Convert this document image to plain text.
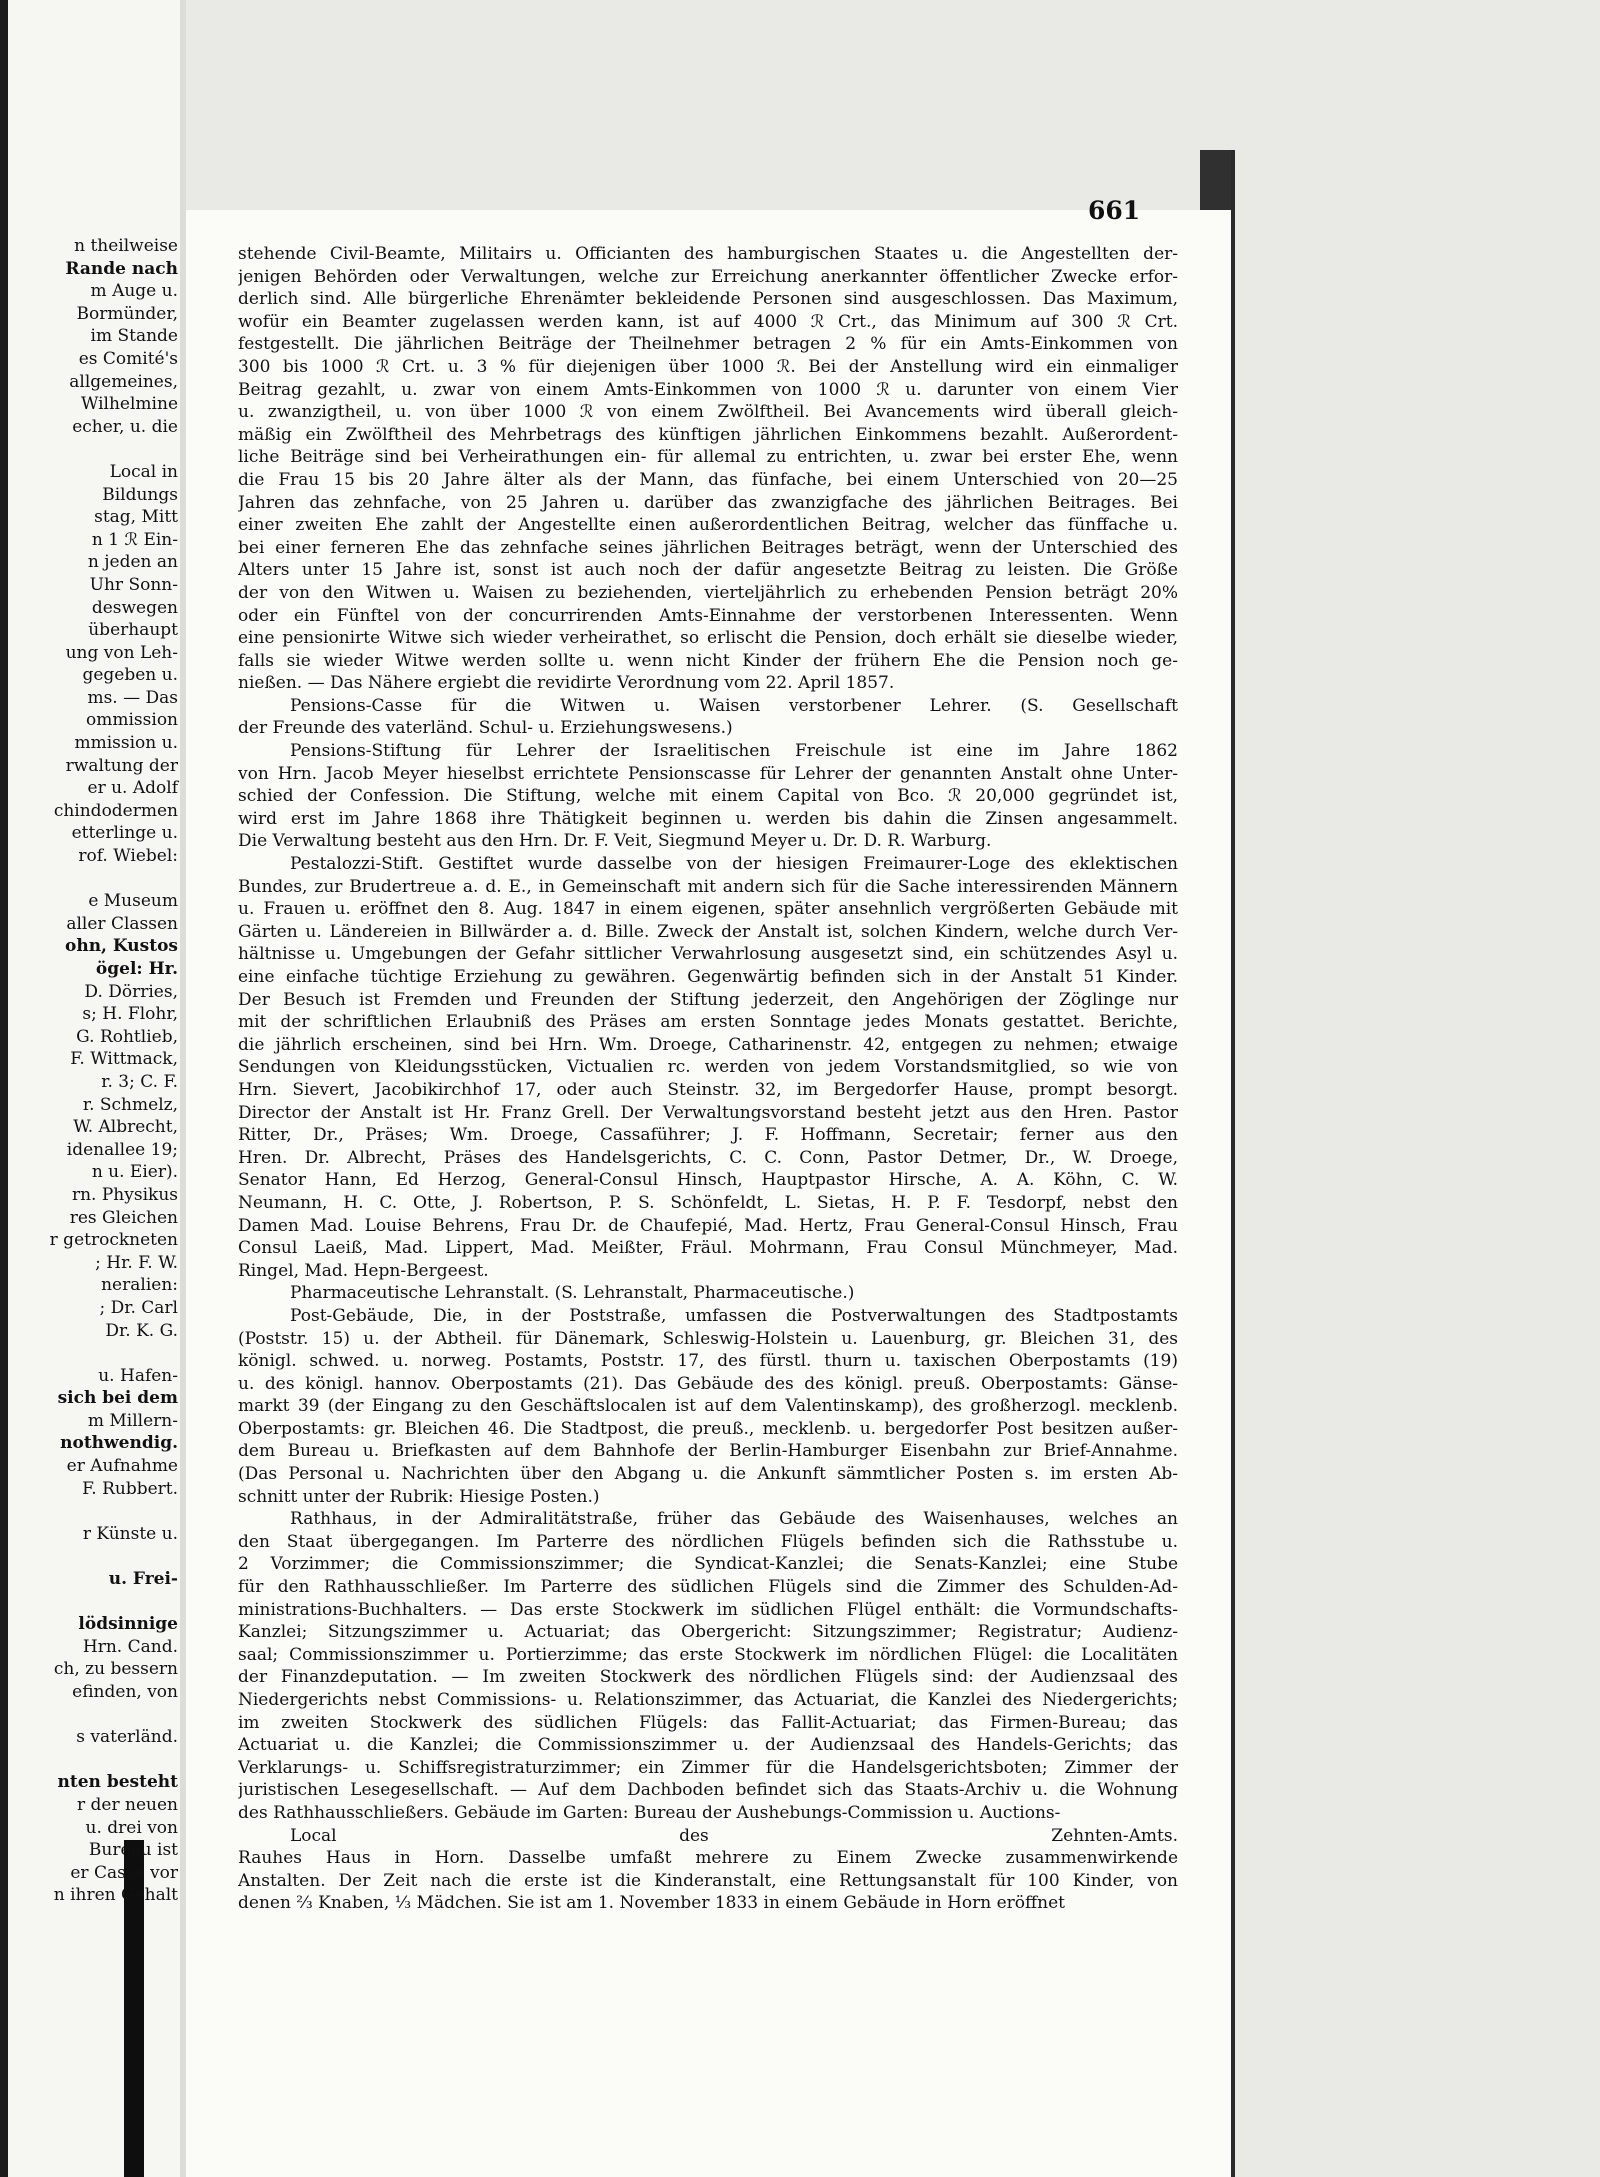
n theilweise
Rande nach
m Auge u.
Bormünder,
im Stande
es Comité's
allgemeines,
Wilhelmine
echer, u. die
Local in
Bildungs
stag, Mitt
n 1 ℛ Ein-
n jeden an
Uhr Sonn-
deswegen
überhaupt
ung von Leh-
gegeben u.
ms. — Das
ommission
mmission u.
rwaltung der
er u. Adolf
chindodermen
etterlinge u.
rof. Wiebel:
e Museum
aller Classen
ohn, Kustos
ögel: Hr.
D. Dörries,
s; H. Flohr,
G. Rohtlieb,
F. Wittmack,
r. 3; C. F.
r. Schmelz,
W. Albrecht,
idenallee 19;
n u. Eier).
rn. Physikus
res Gleichen
r getrockneten
; Hr. F. W.
neralien:
; Dr. Carl
Dr. K. G.
u. Hafen-
sich bei dem
m Millern-
nothwendig.
er Aufnahme
F. Rubbert.
r Künste u.
u. Frei-
lödsinnige
Hrn. Cand.
ch, zu bessern
efinden, von
s vaterländ.
nten besteht
r der neuen
u. drei von
Bureau ist
er Casse vor
n ihren Gehalt
661
stehende Civil-Beamte, Militairs u. Officianten des hamburgischen Staates u. die Angestellten der-
jenigen Behörden oder Verwaltungen, welche zur Erreichung anerkannter öffentlicher Zwecke erfor-
derlich sind. Alle bürgerliche Ehrenämter bekleidende Personen sind ausgeschlossen. Das Maximum,
wofür ein Beamter zugelassen werden kann, ist auf 4000 ℛ Crt., das Minimum auf 300 ℛ Crt.
festgestellt. Die jährlichen Beiträge der Theilnehmer betragen 2 % für ein Amts-Einkommen von
300 bis 1000 ℛ Crt. u. 3 % für diejenigen über 1000 ℛ. Bei der Anstellung wird ein einmaliger
Beitrag gezahlt, u. zwar von einem Amts-Einkommen von 1000 ℛ u. darunter von einem Vier
u. zwanzigtheil, u. von über 1000 ℛ von einem Zwölftheil. Bei Avancements wird überall gleich-
mäßig ein Zwölftheil des Mehrbetrags des künftigen jährlichen Einkommens bezahlt. Außerordent-
liche Beiträge sind bei Verheirathungen ein- für allemal zu entrichten, u. zwar bei erster Ehe, wenn
die Frau 15 bis 20 Jahre älter als der Mann, das fünfache, bei einem Unterschied von 20—25
Jahren das zehnfache, von 25 Jahren u. darüber das zwanzigfache des jährlichen Beitrages. Bei
einer zweiten Ehe zahlt der Angestellte einen außerordentlichen Beitrag, welcher das fünffache u.
bei einer ferneren Ehe das zehnfache seines jährlichen Beitrages beträgt, wenn der Unterschied des
Alters unter 15 Jahre ist, sonst ist auch noch der dafür angesetzte Beitrag zu leisten. Die Größe
der von den Witwen u. Waisen zu beziehenden, vierteljährlich zu erhebenden Pension beträgt 20%
oder ein Fünftel von der concurrirenden Amts-Einnahme der verstorbenen Interessenten. Wenn
eine pensionirte Witwe sich wieder verheirathet, so erlischt die Pension, doch erhält sie dieselbe wieder,
falls sie wieder Witwe werden sollte u. wenn nicht Kinder der frühern Ehe die Pension noch ge-
nießen. — Das Nähere ergiebt die revidirte Verordnung vom 22. April 1857.
Pensions-Casse für die Witwen u. Waisen verstorbener Lehrer. (S. Gesellschaft
der Freunde des vaterländ. Schul- u. Erziehungswesens.)
Pensions-Stiftung für Lehrer der Israelitischen Freischule ist eine im Jahre 1862
von Hrn. Jacob Meyer hieselbst errichtete Pensionscasse für Lehrer der genannten Anstalt ohne Unter-
schied der Confession. Die Stiftung, welche mit einem Capital von Bco. ℛ 20,000 gegründet ist,
wird erst im Jahre 1868 ihre Thätigkeit beginnen u. werden bis dahin die Zinsen angesammelt.
Die Verwaltung besteht aus den Hrn. Dr. F. Veit, Siegmund Meyer u. Dr. D. R. Warburg.
Pestalozzi-Stift. Gestiftet wurde dasselbe von der hiesigen Freimaurer-Loge des eklektischen
Bundes, zur Brudertreue a. d. E., in Gemeinschaft mit andern sich für die Sache interessirenden Männern
u. Frauen u. eröffnet den 8. Aug. 1847 in einem eigenen, später ansehnlich vergrößerten Gebäude mit
Gärten u. Ländereien in Billwärder a. d. Bille. Zweck der Anstalt ist, solchen Kindern, welche durch Ver-
hältnisse u. Umgebungen der Gefahr sittlicher Verwahrlosung ausgesetzt sind, ein schützendes Asyl u.
eine einfache tüchtige Erziehung zu gewähren. Gegenwärtig befinden sich in der Anstalt 51 Kinder.
Der Besuch ist Fremden und Freunden der Stiftung jederzeit, den Angehörigen der Zöglinge nur
mit der schriftlichen Erlaubniß des Präses am ersten Sonntage jedes Monats gestattet. Berichte,
die jährlich erscheinen, sind bei Hrn. Wm. Droege, Catharinenstr. 42, entgegen zu nehmen; etwaige
Sendungen von Kleidungsstücken, Victualien rc. werden von jedem Vorstandsmitglied, so wie von
Hrn. Sievert, Jacobikirchhof 17, oder auch Steinstr. 32, im Bergedorfer Hause, prompt besorgt.
Director der Anstalt ist Hr. Franz Grell. Der Verwaltungsvorstand besteht jetzt aus den Hren. Pastor
Ritter, Dr., Präses; Wm. Droege, Cassaführer; J. F. Hoffmann, Secretair; ferner aus den
Hren. Dr. Albrecht, Präses des Handelsgerichts, C. C. Conn, Pastor Detmer, Dr., W. Droege,
Senator Hann, Ed Herzog, General-Consul Hinsch, Hauptpastor Hirsche, A. A. Köhn, C. W.
Neumann, H. C. Otte, J. Robertson, P. S. Schönfeldt, L. Sietas, H. P. F. Tesdorpf, nebst den
Damen Mad. Louise Behrens, Frau Dr. de Chaufepié, Mad. Hertz, Frau General-Consul Hinsch, Frau
Consul Laeiß, Mad. Lippert, Mad. Meißter, Fräul. Mohrmann, Frau Consul Münchmeyer, Mad.
Ringel, Mad. Hepn-Bergeest.
Pharmaceutische Lehranstalt. (S. Lehranstalt, Pharmaceutische.)
Post-Gebäude, Die, in der Poststraße, umfassen die Postverwaltungen des Stadtpostamts
(Poststr. 15) u. der Abtheil. für Dänemark, Schleswig-Holstein u. Lauenburg, gr. Bleichen 31, des
königl. schwed. u. norweg. Postamts, Poststr. 17, des fürstl. thurn u. taxischen Oberpostamts (19)
u. des königl. hannov. Oberpostamts (21). Das Gebäude des des königl. preuß. Oberpostamts: Gänse-
markt 39 (der Eingang zu den Geschäftslocalen ist auf dem Valentinskamp), des großherzogl. mecklenb.
Oberpostamts: gr. Bleichen 46. Die Stadtpost, die preuß., mecklenb. u. bergedorfer Post besitzen außer-
dem Bureau u. Briefkasten auf dem Bahnhofe der Berlin-Hamburger Eisenbahn zur Brief-Annahme.
(Das Personal u. Nachrichten über den Abgang u. die Ankunft sämmtlicher Posten s. im ersten Ab-
schnitt unter der Rubrik: Hiesige Posten.)
Rathhaus, in der Admiralitätstraße, früher das Gebäude des Waisenhauses, welches an
den Staat übergegangen. Im Parterre des nördlichen Flügels befinden sich die Rathsstube u.
2 Vorzimmer; die Commissionszimmer; die Syndicat-Kanzlei; die Senats-Kanzlei; eine Stube
für den Rathhausschließer. Im Parterre des südlichen Flügels sind die Zimmer des Schulden-Ad-
ministrations-Buchhalters. — Das erste Stockwerk im südlichen Flügel enthält: die Vormundschafts-
Kanzlei; Sitzungszimmer u. Actuariat; das Obergericht: Sitzungszimmer; Registratur; Audienz-
saal; Commissionszimmer u. Portierzimme; das erste Stockwerk im nördlichen Flügel: die Localitäten
der Finanzdeputation. — Im zweiten Stockwerk des nördlichen Flügels sind: der Audienzsaal des
Niedergerichts nebst Commissions- u. Relationszimmer, das Actuariat, die Kanzlei des Niedergerichts;
im zweiten Stockwerk des südlichen Flügels: das Fallit-Actuariat; das Firmen-Bureau; das
Actuariat u. die Kanzlei; die Commissionszimmer u. der Audienzsaal des Handels-Gerichts; das
Verklarungs- u. Schiffsregistraturzimmer; ein Zimmer für die Handelsgerichtsboten; Zimmer der
juristischen Lesegesellschaft. — Auf dem Dachboden befindet sich das Staats-Archiv u. die Wohnung
des Rathhausschließers. Gebäude im Garten: Bureau der Aushebungs-Commission u. Auctions-
Local des Zehnten-Amts.
Rauhes Haus in Horn. Dasselbe umfaßt mehrere zu Einem Zwecke zusammenwirkende
Anstalten. Der Zeit nach die erste ist die Kinderanstalt, eine Rettungsanstalt für 100 Kinder, von
denen ⅔ Knaben, ⅓ Mädchen. Sie ist am 1. November 1833 in einem Gebäude in Horn eröffnet
